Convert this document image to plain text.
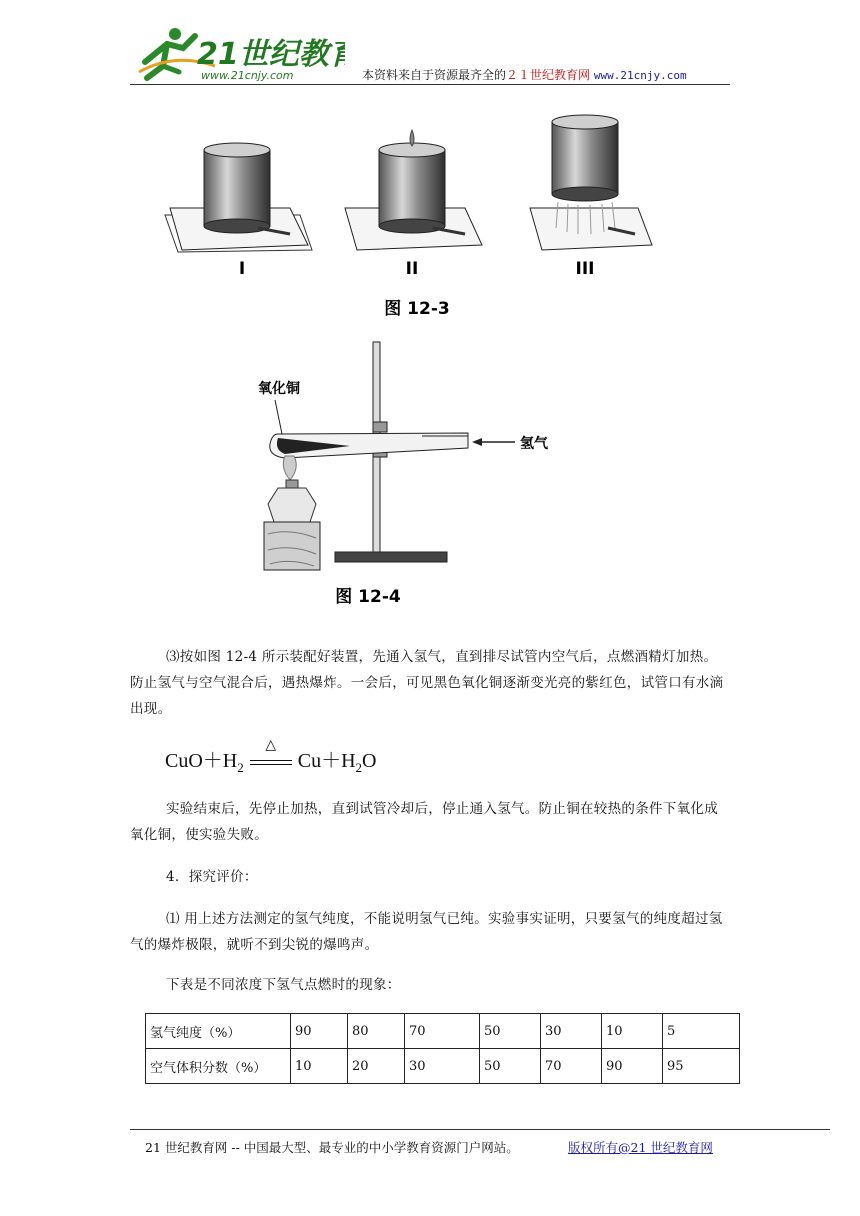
21世纪教育
www.21cnjy.com	本资料来自于资源最齐全的２１世纪教育网 www.21cnjy.com
I	II	III
图 12-3
氧化铜
氢气
图 12-4
⑶按如图 12-4 所示装配好装置，先通入氢气，直到排尽试管内空气后，点燃酒精灯加热。防止氢气与空气混合后，遇热爆炸。一会后，可见黑色氧化铜逐渐变光亮的紫红色，试管口有水滴出现。
$CuO+H_2$
△
$Cu+H_2O$
实验结束后，先停止加热，直到试管冷却后，停止通入氢气。防止铜在较热的条件下氧化成氧化铜，使实验失败。
4．探究评价：
⑴ 用上述方法测定的氢气纯度，不能说明氢气已纯。实验事实证明，只要氢气的纯度超过氢气的爆炸极限，就听不到尖锐的爆鸣声。
下表是不同浓度下氢气点燃时的现象：
氢气纯度（%）	90	80	70	50	30	10	5
空气体积分数（%）	10	20	30	50	70	90	95
21 世纪教育网 -- 中国最大型、最专业的中小学教育资源门户网站。	版权所有@21 世纪教育网
